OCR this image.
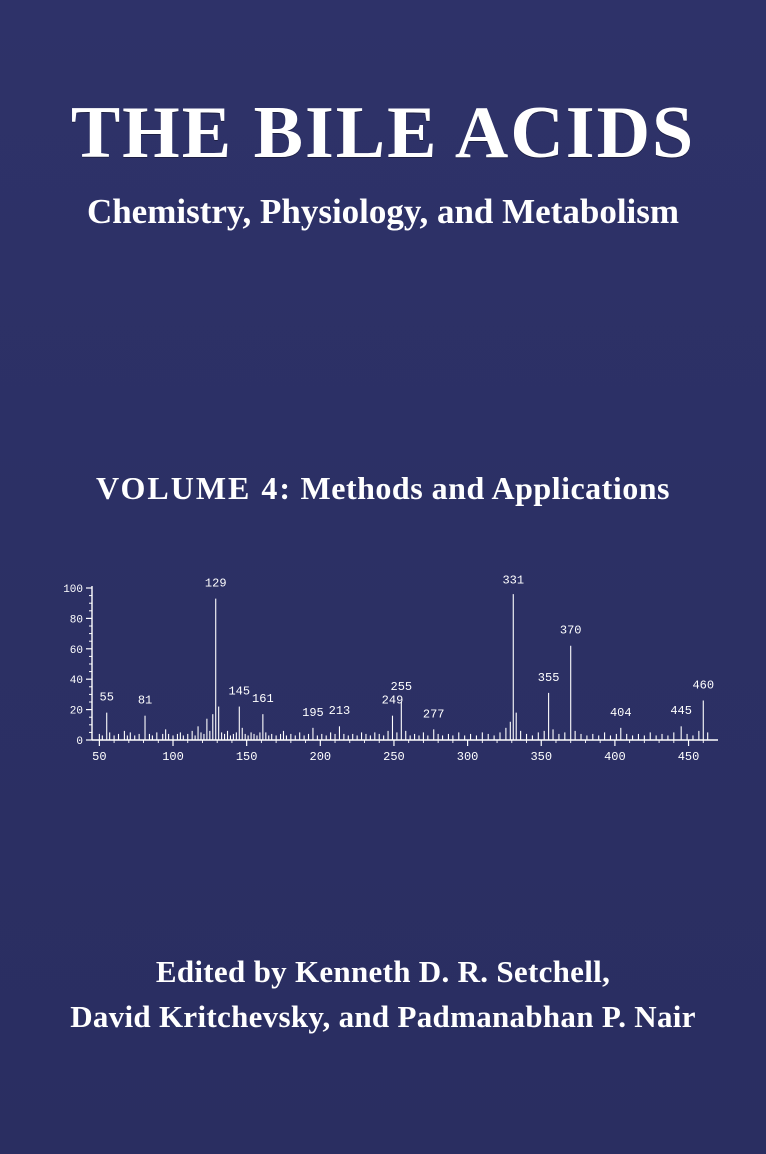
THE BILE ACIDS
Chemistry, Physiology, and Metabolism
VOLUME 4: Methods and Applications
0
20
40
60
80
100
50	100	150	200	250	300	350	400	450
55 81
129
145
161
195 213
249
255
277
331
355
370
404	445
460
Edited by Kenneth D. R. Setchell,
David Kritchevsky, and Padmanabhan P. Nair
